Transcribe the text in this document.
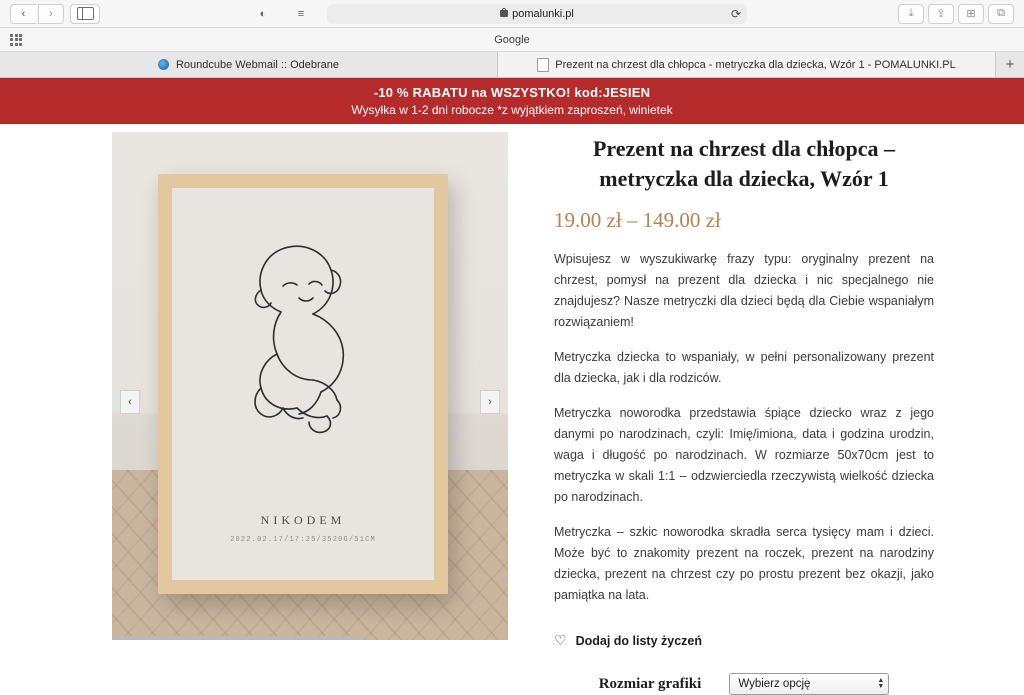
‹ ›	◐	≡	pomalunki.pl	⟳	⤓ ⇪ ⊞ ⧉
Google
Roundcube Webmail :: Odebrane	Prezent na chrzest dla chłopca - metryczka dla dziecka, Wzór 1 - POMALUNKI.PL	+
-10 % RABATU na WSZYSTKO! kod:JESIEN
Wysyłka w 1-2 dni robocze *z wyjątkiem zaproszeń, winietek
NIKODEM
2022.02.17/17:25/3520G/51CM
‹	›
Prezent na chrzest dla chłopca – metryczka dla dziecka, Wzór 1
19.00 zł – 149.00 zł

Wpisujesz w wyszukiwarkę frazy typu: oryginalny prezent na chrzest, pomysł na prezent dla dziecka i nic specjalnego nie znajdujesz? Nasze metryczki dla dzieci będą dla Ciebie wspaniałym rozwiązaniem!

Metryczka dziecka to wspaniały, w pełni personalizowany prezent dla dziecka, jak i dla rodziców.

Metryczka noworodka przedstawia śpiące dziecko wraz z jego danymi po narodzinach, czyli: Imię/imiona, data i godzina urodzin, waga i długość po narodzinach. W rozmiarze 50x70cm jest to metryczka w skali 1:1 – odzwierciedla rzeczywistą wielkość dziecka po narodzinach.

Metryczka – szkic noworodka skradła serca tysięcy mam i dzieci. Może być to znakomity prezent na roczek, prezent na narodziny dziecka, prezent na chrzest czy po prostu prezent bez okazji, jako pamiątka na lata.

♡ Dodaj do listy życzeń
Rozmiar grafiki	Wybierz opcję	▲
▼
